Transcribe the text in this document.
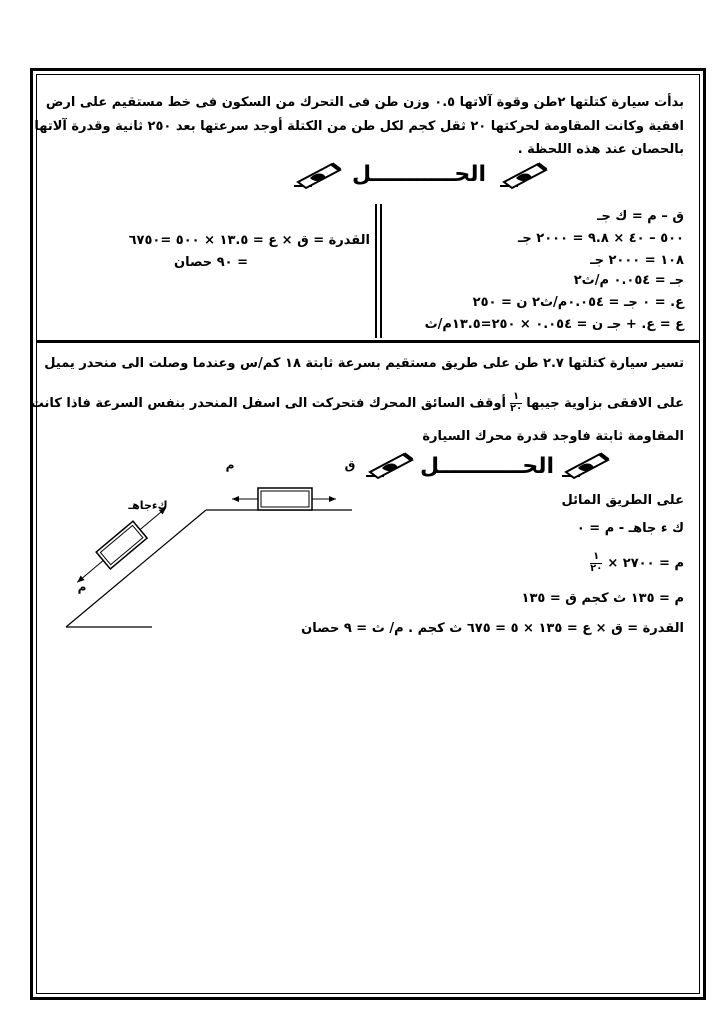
بدأت سيارة كتلتها ٢طن وقوة آلاتها ٠.٥ وزن طن فى التحرك من السكون فى خط مستقيم على ارض
افقية وكانت المقاومة لحركتها ٢٠ ثقل كجم لكل طن من الكتلة أوجد سرعتها بعد ٢٥٠ ثانية وقدرة آلاتها
بالحصان عند هذه اللحظة .
الحـــــــــــل
ق – م = ك جـ
٥٠٠ – ٤٠ × ٩.٨ = ٢٠٠٠ جـ
١٠٨ = ٢٠٠٠ جـ
جـ = ٠.٠٥٤ م/ث٢
ع. = ٠ جـ = ٠.٠٥٤م/ث٢ ن = ٢٥٠
ع = ع. + جـ ن = ٠.٠٥٤ × ٢٥٠=١٣.٥م/ث
القدرة = ق × ع = ١٣.٥ × ٥٠٠ =٦٧٥٠
= ٩٠ حصان
تسير سيارة كتلتها ٢.٧ طن على طريق مستقيم بسرعة ثابتة ١٨ كم/س وعندما وصلت الى منحدر يميل
على الافقى بزاوية جيبها
$\frac{١}{٢٠}$
أوقف السائق المحرك فتحركت الى اسفل المنحدر بنفس السرعة فاذا كانت
المقاومة ثابتة فاوجد قدرة محرك السيارة
الحـــــــــــل
م	ق
كءجاهـ
م
على الطريق المائل
ك ء جاهـ - م = ٠
م = ٢٧٠٠ ×
$\frac{١}{٢٠}$
م = ١٣٥ ث كجم ق = ١٣٥
القدرة = ق × ع = ١٣٥ × ٥ = ٦٧٥ ث كجم . م/ ث = ٩ حصان
